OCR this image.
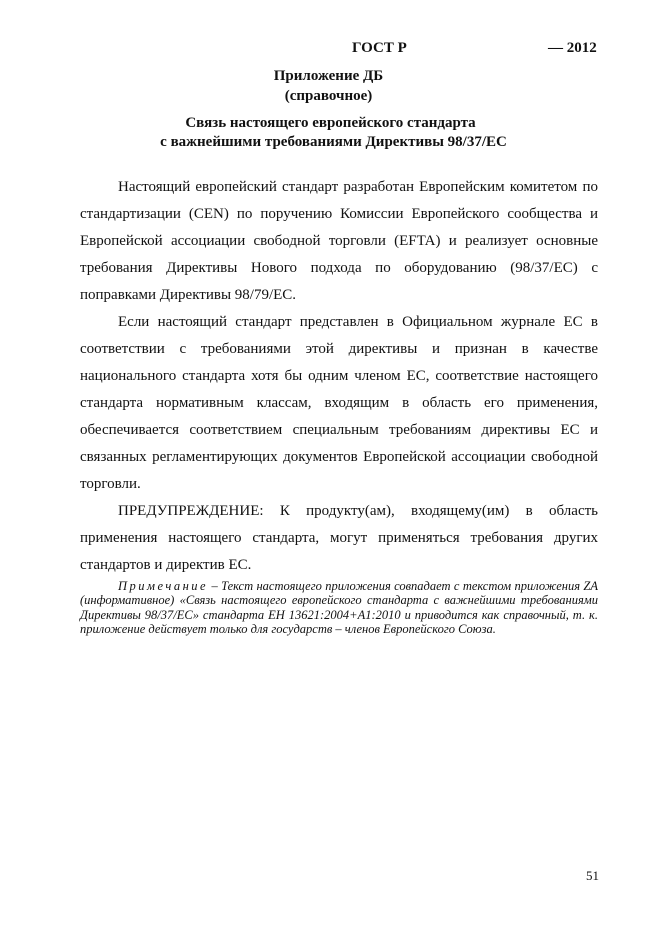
ГОСТ Р	— 2012
Приложение ДБ
(справочное)
Связь настоящего европейского стандарта
с важнейшими требованиями Директивы 98/37/ЕС

Настоящий европейский стандарт разработан Европейским комитетом по стандартизации (CEN) по поручению Комиссии Европейского сообщества и Европейской ассоциации свободной торговли (EFTA) и реализует основные требования Директивы Нового подхода по оборудованию (98/37/ЕС) с поправками Директивы 98/79/ЕС.

Если настоящий стандарт представлен в Официальном журнале ЕС в соответствии с требованиями этой директивы и признан в качестве национального стандарта хотя бы одним членом ЕС, соответствие настоящего стандарта нормативным классам, входящим в область его применения, обеспечивается соответствием специальным требованиям директивы ЕС и связанных регламентирующих документов Европейской ассоциации свободной торговли.

ПРЕДУПРЕЖДЕНИЕ: К продукту(ам), входящему(им) в область применения настоящего стандарта, могут применяться требования других стандартов и директив ЕС.

Примечание – Текст настоящего приложения совпадает с текстом приложения ZA (информативное) «Связь настоящего европейского стандарта с важнейшими требованиями Директивы 98/37/ЕС» стандарта ЕН 13621:2004+A1:2010 и приводится как справочный, т. к. приложение действует только для государств – членов Европейского Союза.
51
